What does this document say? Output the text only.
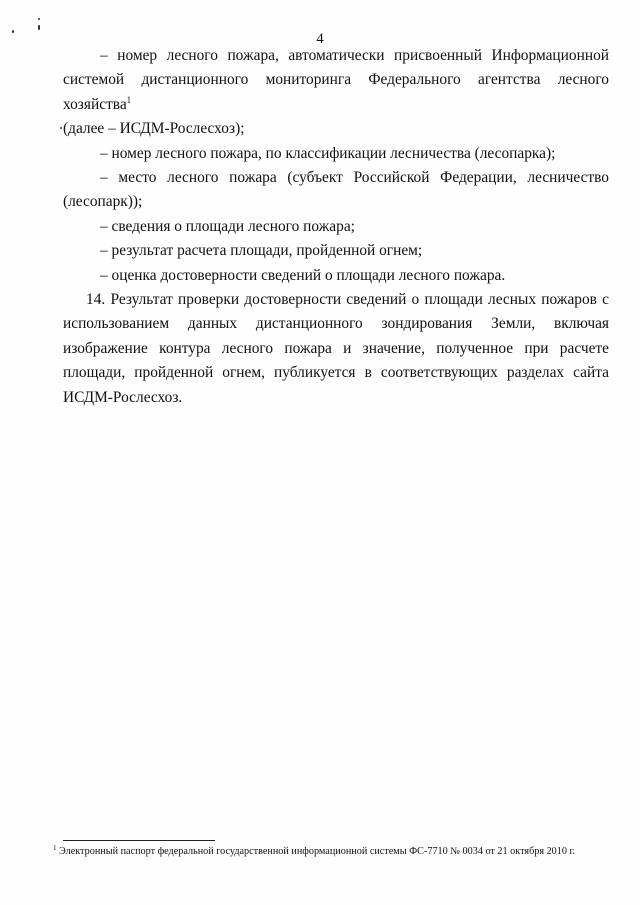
4

– номер лесного пожара, автоматически присвоенный Информационной системой дистанционного мониторинга Федерального агентства лесного хозяйства$^1$

(далее – ИСДМ-Рослесхоз);

– номер лесного пожара, по классификации лесничества (лесопарка);

– место лесного пожара (субъект Российской Федерации, лесничество (лесопарк));

– сведения о площади лесного пожара;

– результат расчета площади, пройденной огнем;

– оценка достоверности сведений о площади лесного пожара.

14. Результат проверки достоверности сведений о площади лесных пожаров с использованием данных дистанционного зондирования Земли, включая изображение контура лесного пожара и значение, полученное при расчете площади, пройденной огнем, публикуется в соответствующих разделах сайта ИСДМ-Рослесхоз.

$^1$ Электронный паспорт федеральной государственной информационной системы ФС-7710 № 0034 от 21 октября 2010 г.
